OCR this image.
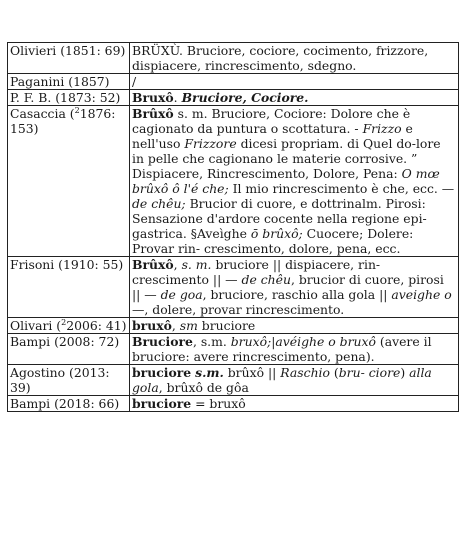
Olivieri (1851: 69)	BRÜXÙ. Bruciore, cociore, cocimento, frizzore, dispiacere, rincrescimento, sdegno.
Paganini (1857)	/
P. F. B. (1873: 52)	Bruxô. Bruciore, Cociore.
Casaccia ($^2$1876: 153)	Brûxô s. m. Bruciore, Cociore: Dolore che è cagionato da puntura o scottatura. - Frizzo e nell'uso Frizzore dicesi propriam. di Quel do-lore in pelle che cagionano le materie corrosive. ” Dispiacere, Rincrescimento, Dolore, Pena: O mœ brûxô ô l'é che; Il mio rincrescimento è che, ecc. — de chêu; Brucior di cuore, e dottrinalm. Pirosi: Sensazione d'ardore cocente nella regione epi- gastrica. §Aveìghe ō brûxô; Cuocere; Dolere: Provar rin- crescimento, dolore, pena, ecc.
Frisoni (1910: 55)	Brûxô, s. m. bruciore || dispiacere, rin-crescimento || — de chêu, brucior di cuore, pirosi || — de goa, bruciore, raschio alla gola || aveighe o —, dolere, provar rincrescimento.
Olivari ($^2$2006: 41)	bruxô, sm bruciore
Bampi (2008: 72)	Bruciore, s.m. bruxô;|avéighe o bruxô (avere il bruciore: avere rincrescimento, pena).
Agostino (2013: 39)	bruciore s.m. brûxô || Raschio (bru- ciore) alla gola, brûxô de gôa
Bampi (2018: 66)	bruciore = bruxô
